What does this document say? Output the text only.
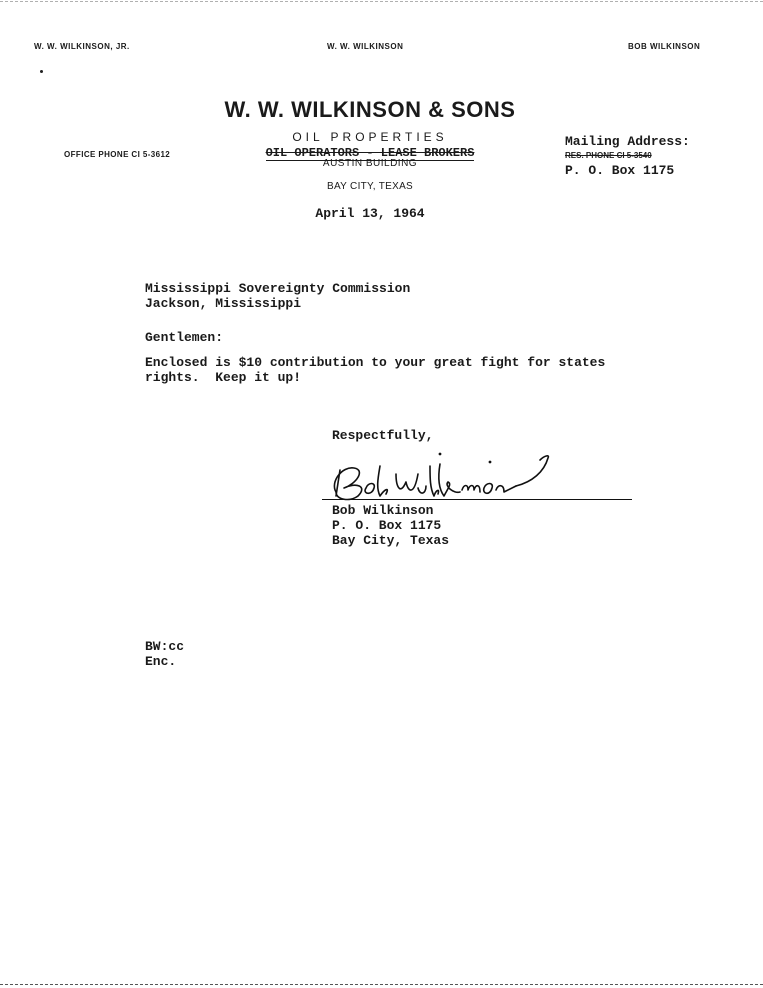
W. W. WILKINSON, JR.	W. W. WILKINSON	BOB WILKINSON
W. W. WILKINSON & SONS
OIL PROPERTIES
OIL OPERATORS - LEASE BROKERS
AUSTIN BUILDING
BAY CITY, TEXAS
April 13, 1964
OFFICE PHONE CI 5-3612
Mailing Address:
RES. PHONE CI 5-3540
P. O. Box 1175
Mississippi Sovereignty Commission
Jackson, Mississippi
Gentlemen:
Enclosed is $10 contribution to your great fight for states
rights.  Keep it up!
Respectfully,
Bob Wilkinson
P. O. Box 1175
Bay City, Texas
BW:cc
Enc.
